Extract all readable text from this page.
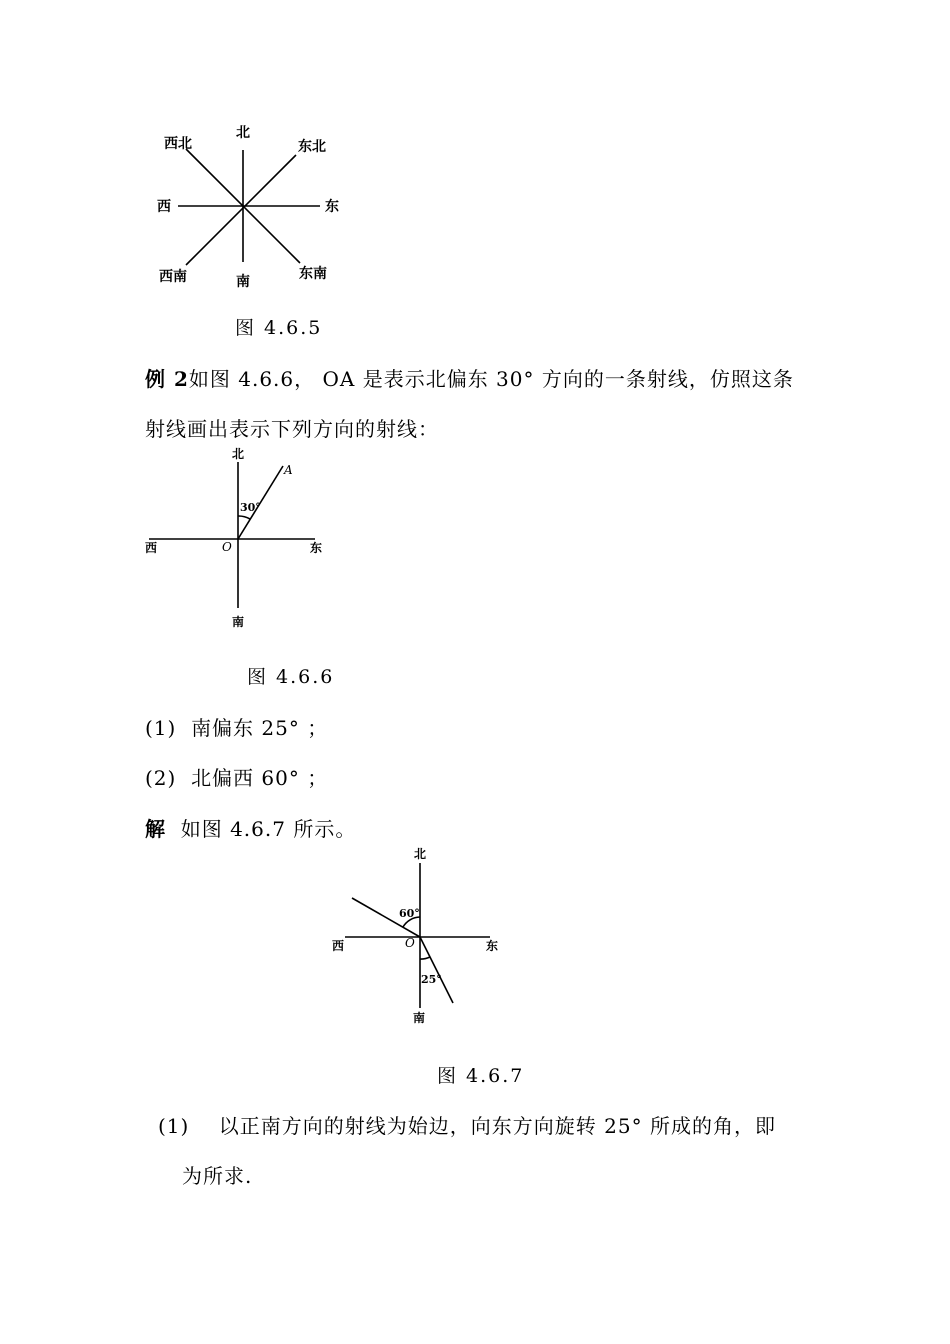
北
东北
东
东南
南
西南
西
西北
图 4.6.5
例 2如图 4.6.6， OA 是表示北偏东 30° 方向的一条射线，仿照这条
射线画出表示下列方向的射线：
北
东
南
西	O
A
30°
图 4.6.6
(1) 南偏东 25° ；
(2) 北偏西 60° ；
解 如图 4.6.7 所示。
北
东
南
西	O
60°
25°
图 4.6.7
(1) 以正南方向的射线为始边，向东方向旋转 25° 所成的角，即
为所求.
